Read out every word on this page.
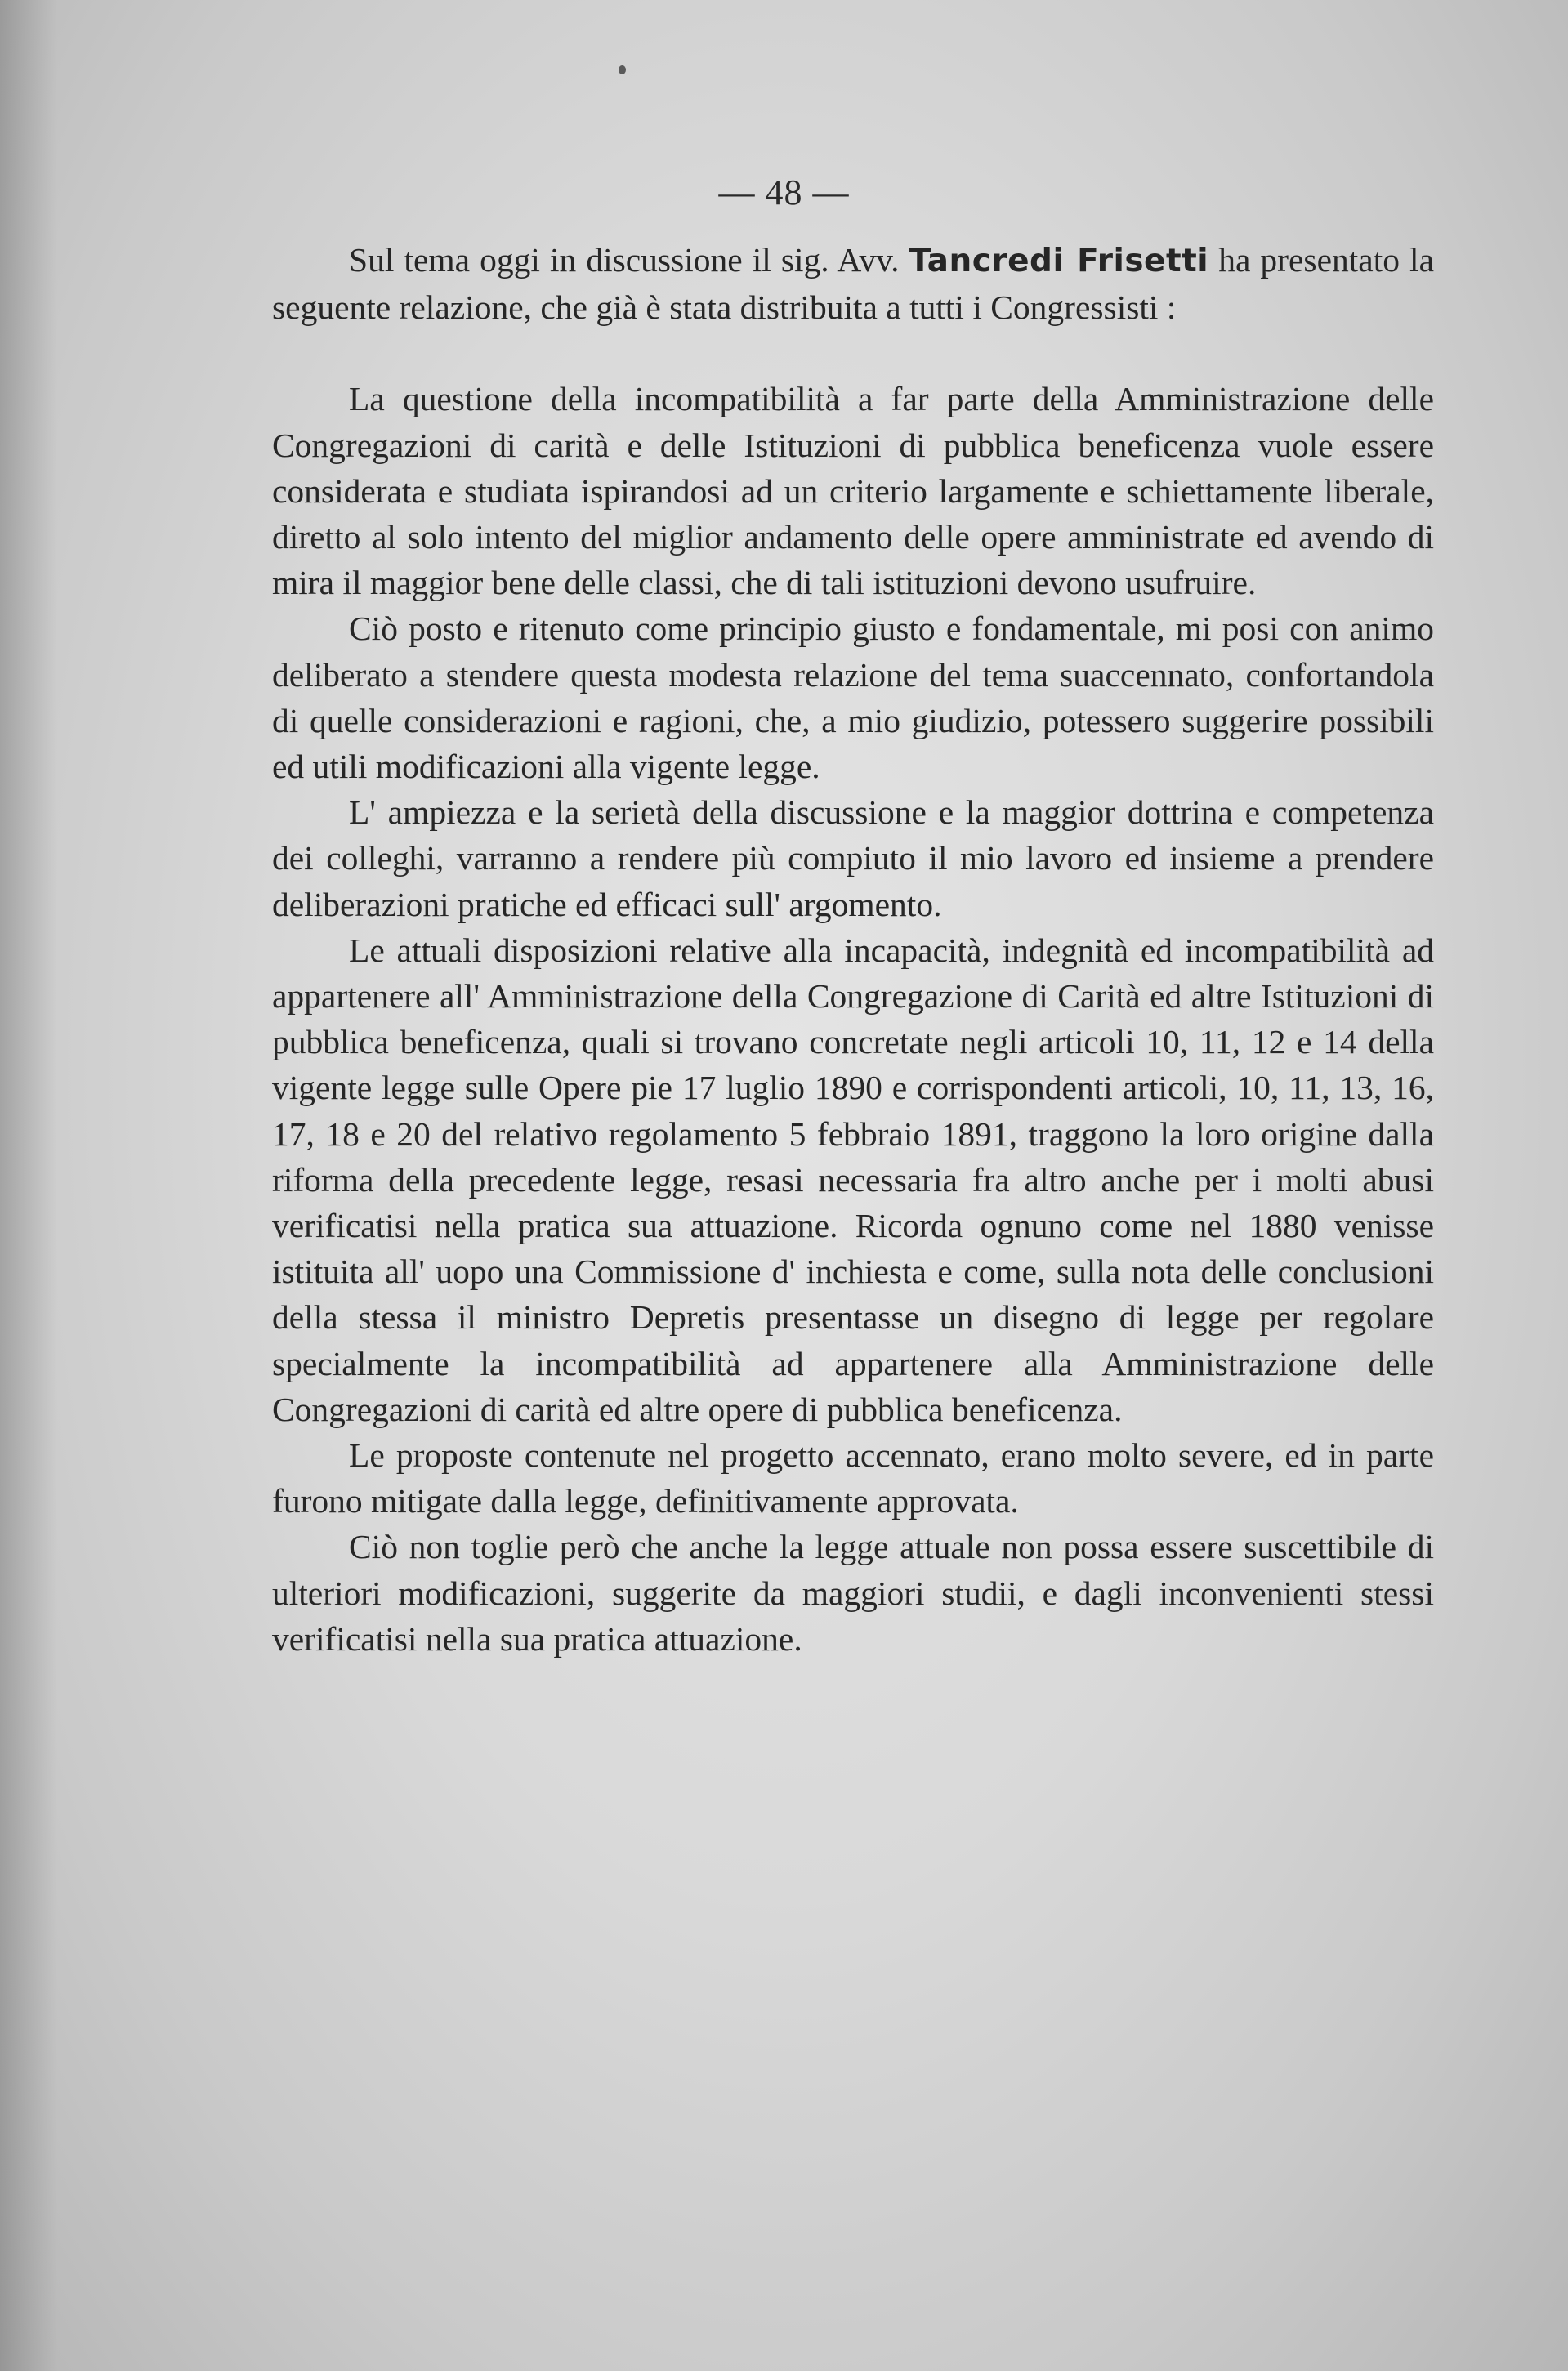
— 48 —

Sul tema oggi in discussione il sig. Avv. Tancredi Frisetti ha presentato la seguente relazione, che già è stata distribuita a tutti i Congressisti :

La questione della incompatibilità a far parte della Amministrazione delle Congregazioni di carità e delle Istituzioni di pubblica beneficenza vuole essere considerata e studiata ispirandosi ad un criterio largamente e schiettamente liberale, diretto al solo intento del miglior andamento delle opere amministrate ed avendo di mira il maggior bene delle classi, che di tali istituzioni devono usufruire.

Ciò posto e ritenuto come principio giusto e fondamentale, mi posi con animo deliberato a stendere questa modesta relazione del tema suaccennato, confortandola di quelle considerazioni e ragioni, che, a mio giudizio, potessero suggerire possibili ed utili modificazioni alla vigente legge.

L' ampiezza e la serietà della discussione e la maggior dottrina e competenza dei colleghi, varranno a rendere più compiuto il mio lavoro ed insieme a prendere deliberazioni pratiche ed efficaci sull' argomento.

Le attuali disposizioni relative alla incapacità, indegnità ed incompatibilità ad appartenere all' Amministrazione della Congregazione di Carità ed altre Istituzioni di pubblica beneficenza, quali si trovano concretate negli articoli 10, 11, 12 e 14 della vigente legge sulle Opere pie 17 luglio 1890 e corrispondenti articoli, 10, 11, 13, 16, 17, 18 e 20 del relativo regolamento 5 febbraio 1891, traggono la loro origine dalla riforma della precedente legge, resasi necessaria fra altro anche per i molti abusi verificatisi nella pratica sua attuazione. Ricorda ognuno come nel 1880 venisse istituita all' uopo una Commissione d' inchiesta e come, sulla nota delle conclusioni della stessa il ministro Depretis presentasse un disegno di legge per regolare specialmente la incompatibilità ad appartenere alla Amministrazione delle Congregazioni di carità ed altre opere di pubblica beneficenza.

Le proposte contenute nel progetto accennato, erano molto severe, ed in parte furono mitigate dalla legge, definitivamente approvata.

Ciò non toglie però che anche la legge attuale non possa essere suscettibile di ulteriori modificazioni, suggerite da maggiori studii, e dagli inconvenienti stessi verificatisi nella sua pratica attuazione.
